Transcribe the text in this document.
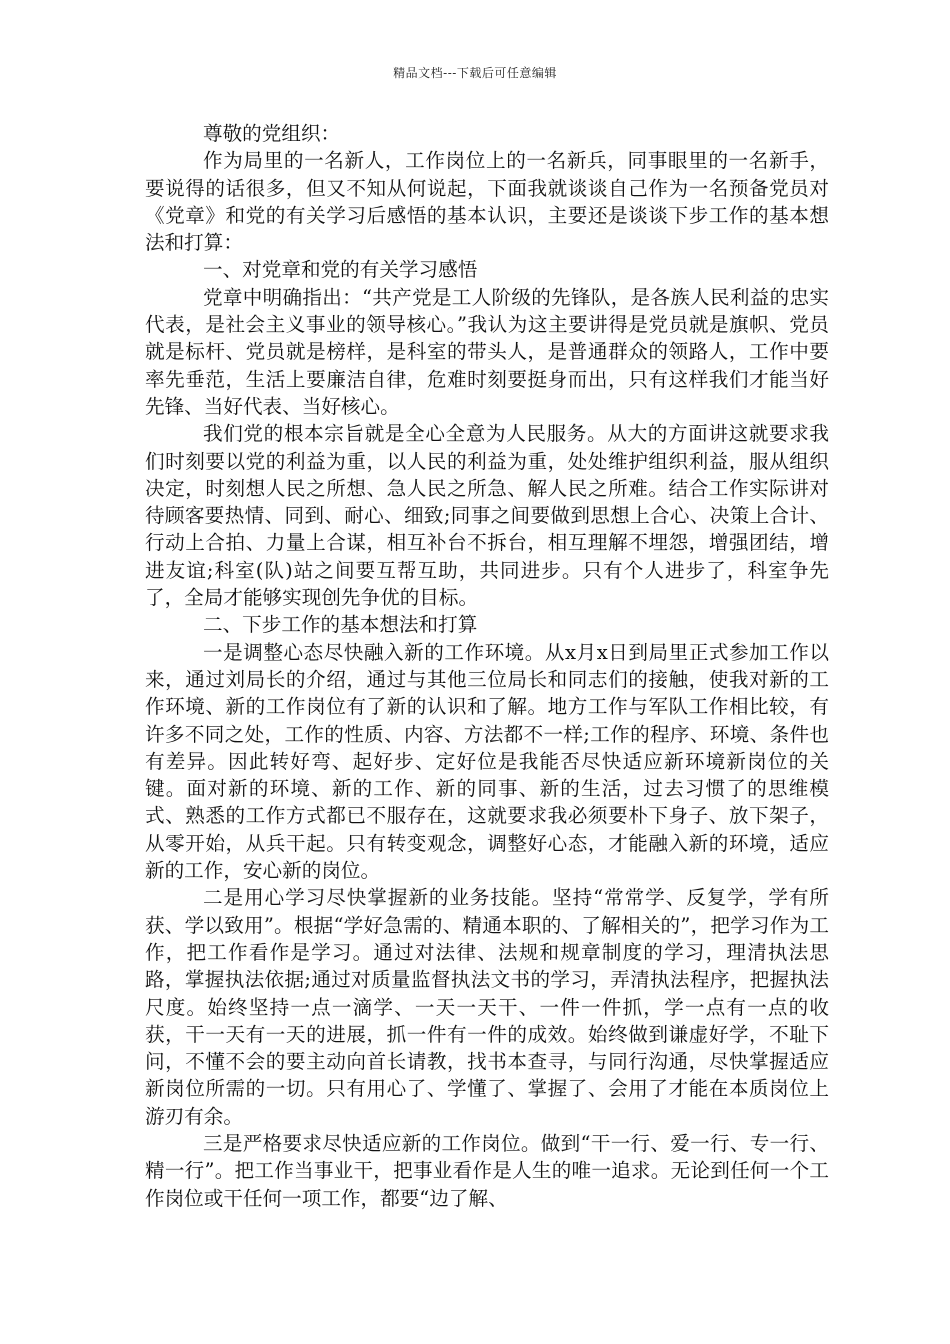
精品文档---下载后可任意编辑

尊敬的党组织：

作为局里的一名新人，工作岗位上的一名新兵，同事眼里的一名新手，要说得的话很多，但又不知从何说起，下面我就谈谈自己作为一名预备党员对《党章》和党的有关学习后感悟的基本认识，主要还是谈谈下步工作的基本想法和打算：

一、对党章和党的有关学习感悟

党章中明确指出：“共产党是工人阶级的先锋队，是各族人民利益的忠实代表，是社会主义事业的领导核心。”我认为这主要讲得是党员就是旗帜、党员就是标杆、党员就是榜样，是科室的带头人，是普通群众的领路人，工作中要率先垂范，生活上要廉洁自律，危难时刻要挺身而出，只有这样我们才能当好先锋、当好代表、当好核心。

我们党的根本宗旨就是全心全意为人民服务。从大的方面讲这就要求我们时刻要以党的利益为重，以人民的利益为重，处处维护组织利益，服从组织决定，时刻想人民之所想、急人民之所急、解人民之所难。结合工作实际讲对待顾客要热情、同到、耐心、细致;同事之间要做到思想上合心、决策上合计、行动上合拍、力量上合谋，相互补台不拆台，相互理解不埋怨，增强团结，增进友谊;科室(队)站之间要互帮互助，共同进步。只有个人进步了，科室争先了，全局才能够实现创先争优的目标。

二、下步工作的基本想法和打算

一是调整心态尽快融入新的工作环境。从x月x日到局里正式参加工作以来，通过刘局长的介绍，通过与其他三位局长和同志们的接触，使我对新的工作环境、新的工作岗位有了新的认识和了解。地方工作与军队工作相比较，有许多不同之处，工作的性质、内容、方法都不一样;工作的程序、环境、条件也有差异。因此转好弯、起好步、定好位是我能否尽快适应新环境新岗位的关键。面对新的环境、新的工作、新的同事、新的生活，过去习惯了的思维模式、熟悉的工作方式都已不服存在，这就要求我必须要朴下身子、放下架子，从零开始，从兵干起。只有转变观念，调整好心态，才能融入新的环境，适应新的工作，安心新的岗位。

二是用心学习尽快掌握新的业务技能。坚持“常常学、反复学，学有所获、学以致用”。根据“学好急需的、精通本职的、了解相关的”，把学习作为工作，把工作看作是学习。通过对法律、法规和规章制度的学习，理清执法思路，掌握执法依据;通过对质量监督执法文书的学习，弄清执法程序，把握执法尺度。始终坚持一点一滴学、一天一天干、一件一件抓，学一点有一点的收获，干一天有一天的进展，抓一件有一件的成效。始终做到谦虚好学，不耻下问，不懂不会的要主动向首长请教，找书本查寻，与同行沟通，尽快掌握适应新岗位所需的一切。只有用心了、学懂了、掌握了、会用了才能在本质岗位上游刃有余。

三是严格要求尽快适应新的工作岗位。做到“干一行、爱一行、专一行、精一行”。把工作当事业干，把事业看作是人生的唯一追求。无论到任何一个工作岗位或干任何一项工作，都要“边了解、
